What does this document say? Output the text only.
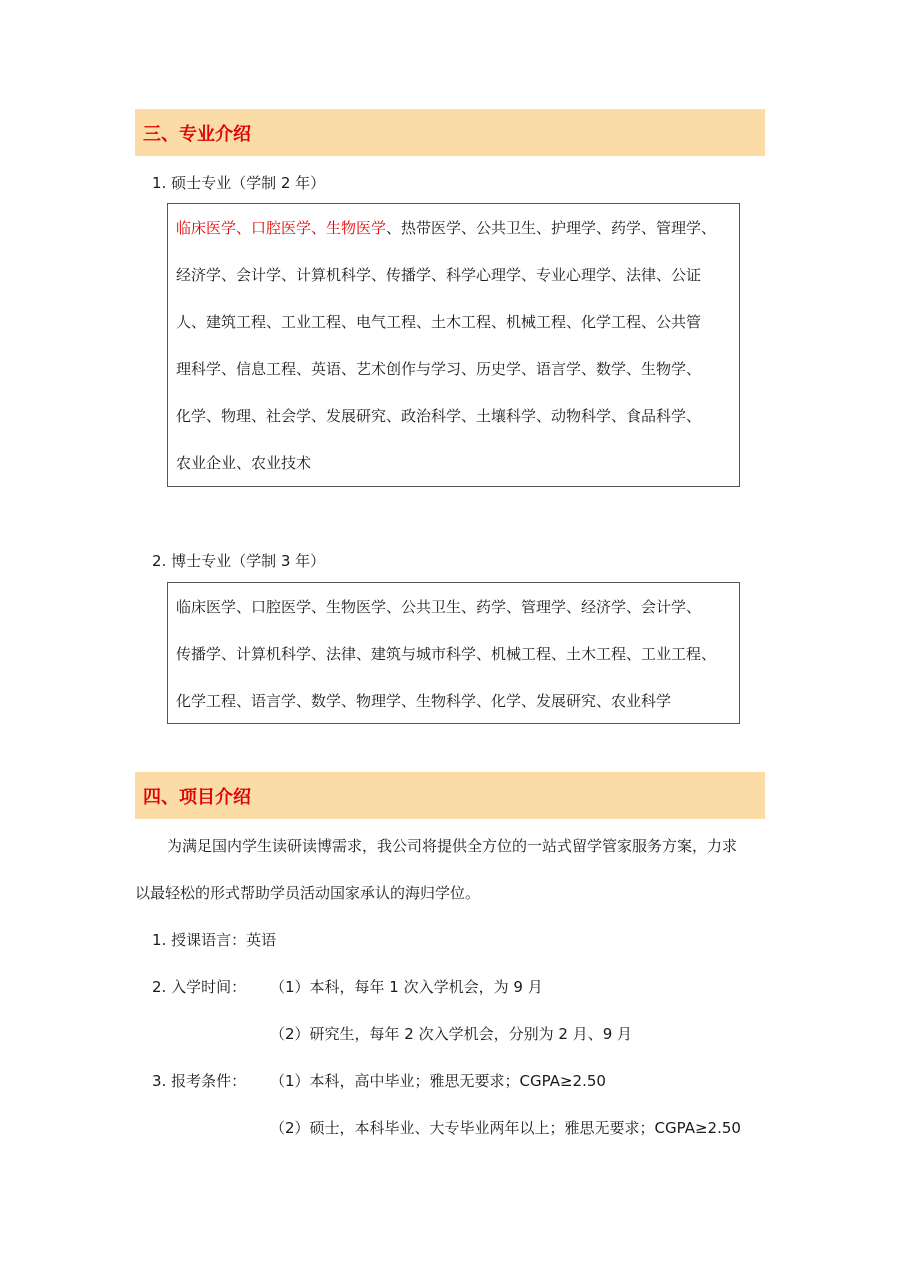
三、专业介绍
1. 硕士专业（学制 2 年）
临床医学、口腔医学、生物医学、热带医学、公共卫生、护理学、药学、管理学、
经济学、会计学、计算机科学、传播学、科学心理学、专业心理学、法律、公证
人、建筑工程、工业工程、电气工程、土木工程、机械工程、化学工程、公共管
理科学、信息工程、英语、艺术创作与学习、历史学、语言学、数学、生物学、
化学、物理、社会学、发展研究、政治科学、土壤科学、动物科学、食品科学、
农业企业、农业技术
2. 博士专业（学制 3 年）
临床医学、口腔医学、生物医学、公共卫生、药学、管理学、经济学、会计学、
传播学、计算机科学、法律、建筑与城市科学、机械工程、土木工程、工业工程、
化学工程、语言学、数学、物理学、生物科学、化学、发展研究、农业科学
四、项目介绍
为满足国内学生读研读博需求，我公司将提供全方位的一站式留学管家服务方案，力求
以最轻松的形式帮助学员活动国家承认的海归学位。
1. 授课语言：英语
2. 入学时间： （1）本科，每年 1 次入学机会，为 9 月
（2）研究生，每年 2 次入学机会，分别为 2 月、9 月
3. 报考条件： （1）本科，高中毕业；雅思无要求；CGPA≥2.50
（2）硕士，本科毕业、大专毕业两年以上；雅思无要求；CGPA≥2.50
